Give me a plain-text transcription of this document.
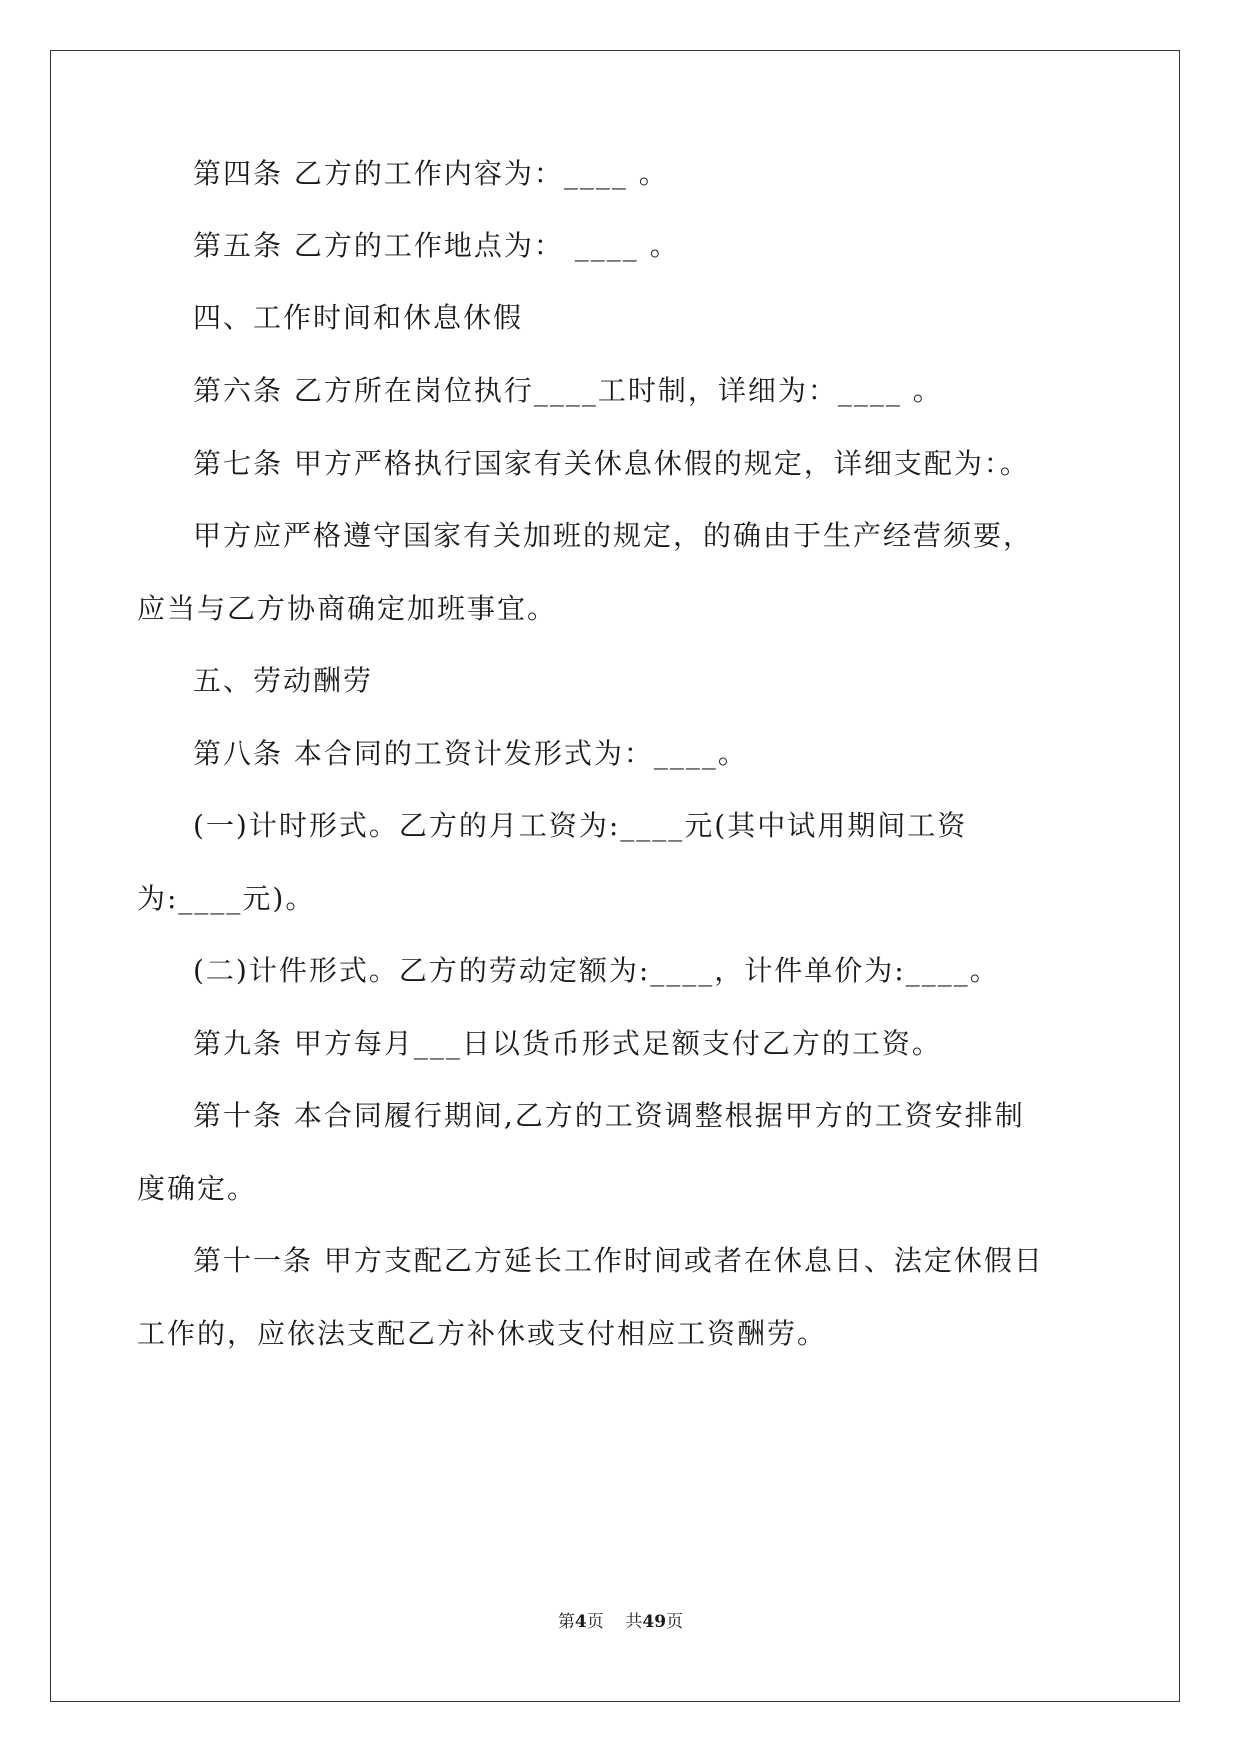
第四条 乙方的工作内容为：____ 。
第五条 乙方的工作地点为： ____ 。
四、工作时间和休息休假
第六条 乙方所在岗位执行____工时制，详细为：____ 。
第七条 甲方严格执行国家有关休息休假的规定，详细支配为：。
甲方应严格遵守国家有关加班的规定，的确由于生产经营须要，
应当与乙方协商确定加班事宜。
五、劳动酬劳
第八条 本合同的工资计发形式为：____。
(一)计时形式。乙方的月工资为:____元(其中试用期间工资
为:____元)。
(二)计件形式。乙方的劳动定额为:____，计件单价为:____。
第九条 甲方每月___日以货币形式足额支付乙方的工资。
第十条 本合同履行期间,乙方的工资调整根据甲方的工资安排制
度确定。
第十一条 甲方支配乙方延长工作时间或者在休息日、法定休假日
工作的，应依法支配乙方补休或支付相应工资酬劳。
第4页 共49页
